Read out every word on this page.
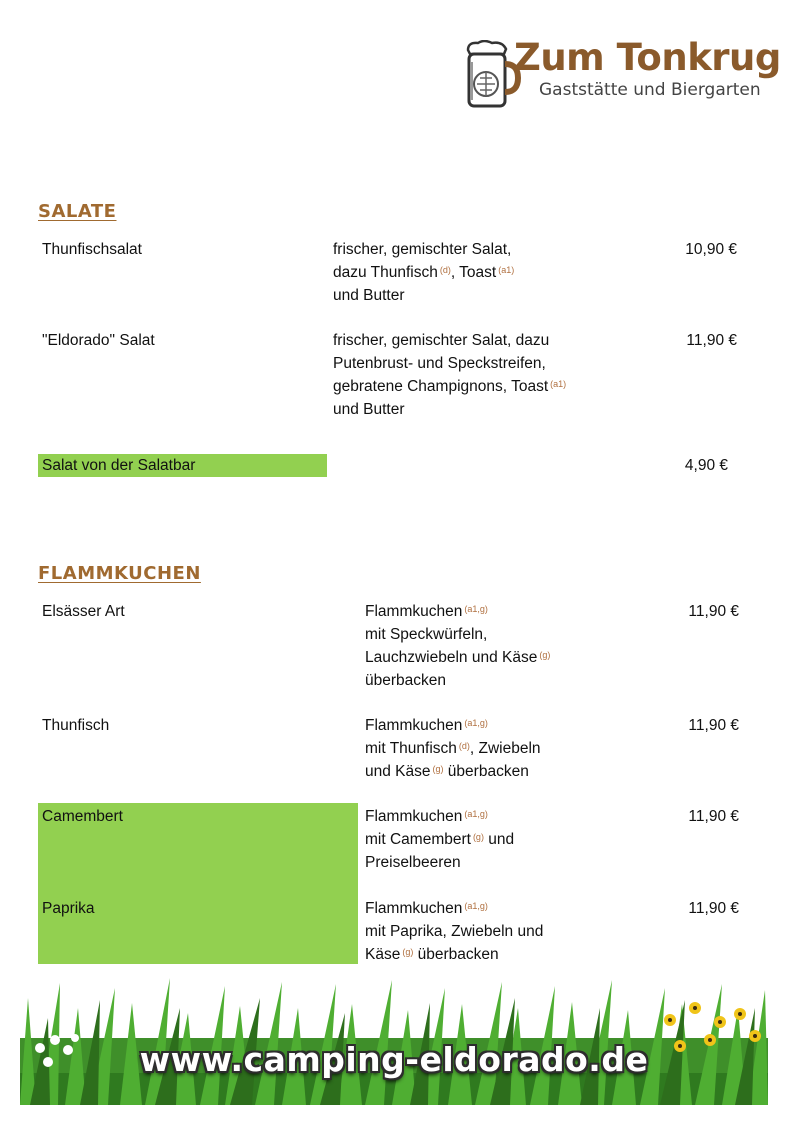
Zum Tonkrug
Gaststätte und Biergarten
SALATE
Thunfischsalat	frischer, gemischter Salat,
dazu Thunfisch $^{(d)}$, Toast $^{(a1)}$
und Butter
10,90 €
"Eldorado" Salat	frischer, gemischter Salat, dazu
Putenbrust- und Speckstreifen,
gebratene Champignons, Toast $^{(a1)}$
und Butter
11,90 €
Salat von der Salatbar	4,90 €
FLAMMKUCHEN
Elsässer Art	Flammkuchen $^{(a1,g)}$
mit Speckwürfeln,
Lauchzwiebeln und Käse $^{(g)}$
überbacken
11,90 €
Thunfisch	Flammkuchen $^{(a1,g)}$
mit Thunfisch $^{(d)}$, Zwiebeln
und Käse $^{(g)}$ überbacken
11,90 €
Camembert	Flammkuchen $^{(a1,g)}$
mit Camembert $^{(g)}$ und
Preiselbeeren
11,90 €
Paprika	Flammkuchen $^{(a1,g)}$
mit Paprika, Zwiebeln und
Käse $^{(g)}$ überbacken
11,90 €
www.camping-eldorado.de
